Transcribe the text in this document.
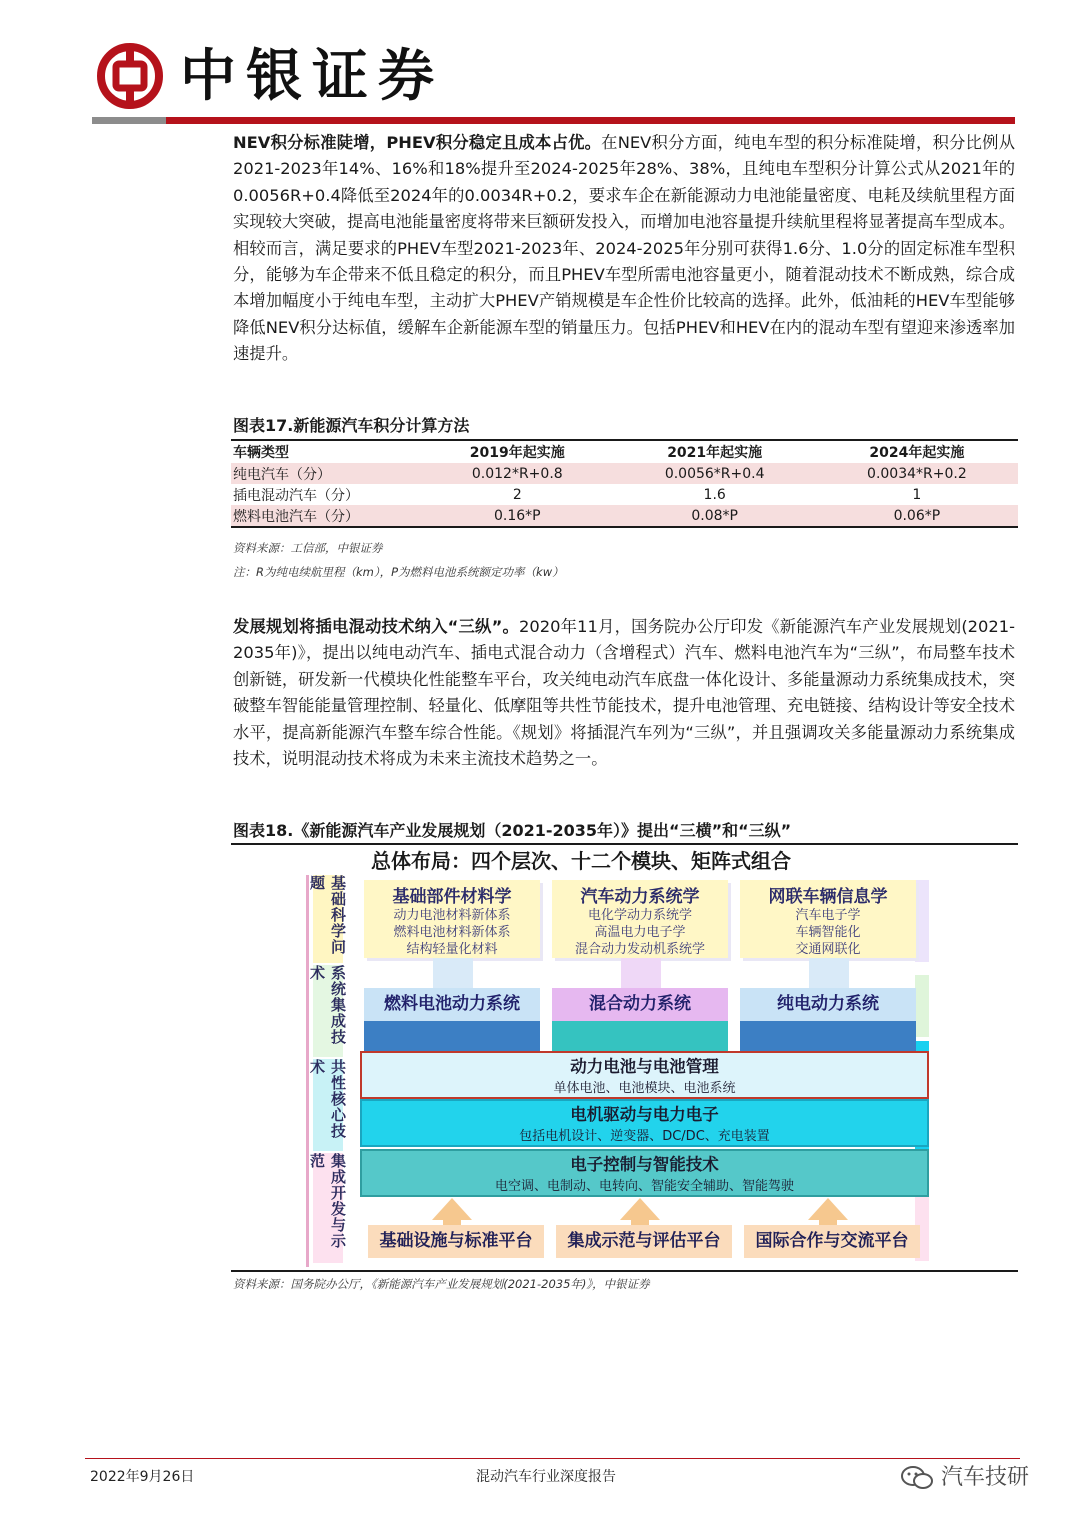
中银证券
NEV积分标准陡增，PHEV积分稳定且成本占优。在NEV积分方面，纯电车型的积分标准陡增，积分比例从2021-2023年14%、16%和18%提升至2024-2025年28%、38%，且纯电车型积分计算公式从2021年的0.0056R+0.4降低至2024年的0.0034R+0.2，要求车企在新能源动力电池能量密度、电耗及续航里程方面实现较大突破，提高电池能量密度将带来巨额研发投入，而增加电池容量提升续航里程将显著提高车型成本。相较而言，满足要求的PHEV车型2021-2023年、2024-2025年分别可获得1.6分、1.0分的固定标准车型积分，能够为车企带来不低且稳定的积分，而且PHEV车型所需电池容量更小，随着混动技术不断成熟，综合成本增加幅度小于纯电车型，主动扩大PHEV产销规模是车企性价比较高的选择。此外，低油耗的HEV车型能够降低NEV积分达标值，缓解车企新能源车型的销量压力。包括PHEV和HEV在内的混动车型有望迎来渗透率加速提升。
图表17.新能源汽车积分计算方法
车辆类型	2019年起实施	2021年起实施	2024年起实施
纯电汽车（分）	0.012*R+0.8	0.0056*R+0.4	0.0034*R+0.2
插电混动汽车（分）	2	1.6	1
燃料电池汽车（分）	0.16*P	0.08*P	0.06*P
资料来源：工信部，中银证券
注：R为纯电续航里程（km），P为燃料电池系统额定功率（kw）
发展规划将插电混动技术纳入“三纵”。2020年11月，国务院办公厅印发《新能源汽车产业发展规划(2021-2035年)》，提出以纯电动汽车、插电式混合动力（含增程式）汽车、燃料电池汽车为“三纵”，布局整车技术创新链，研发新一代模块化性能整车平台，攻关纯电动汽车底盘一体化设计、多能量源动力系统集成技术，突破整车智能能量管理控制、轻量化、低摩阻等共性节能技术，提升电池管理、充电链接、结构设计等安全技术水平，提高新能源汽车整车综合性能。《规划》将插混汽车列为“三纵”，并且强调攻关多能量源动力系统集成技术，说明混动技术将成为未来主流技术趋势之一。
图表18.《新能源汽车产业发展规划（2021-2035年）》提出“三横”和“三纵”
总体布局：四个层次、十二个模块、矩阵式组合
基础科学问题
系统集成技术
共性核心技术
集成开发与示范
基础部件材料学
动力电池材料新体系
燃料电池材料新体系
结构轻量化材料
汽车动力系统学
电化学动力系统学
高温电力电子学
混合动力发动机系统学
网联车辆信息学
汽车电子学
车辆智能化
交通网联化
燃料电池动力系统	混合动力系统	纯电动力系统
动力电池与电池管理
单体电池、电池模块、电池系统
电机驱动与电力电子
包括电机设计、逆变器、DC/DC、充电装置
电子控制与智能技术
电空调、电制动、电转向、智能安全辅助、智能驾驶
基础设施与标准平台	集成示范与评估平台	国际合作与交流平台
资料来源：国务院办公厅，《新能源汽车产业发展规划(2021-2035年)》，中银证券
2022年9月26日	混动汽车行业深度报告	汽车技研
